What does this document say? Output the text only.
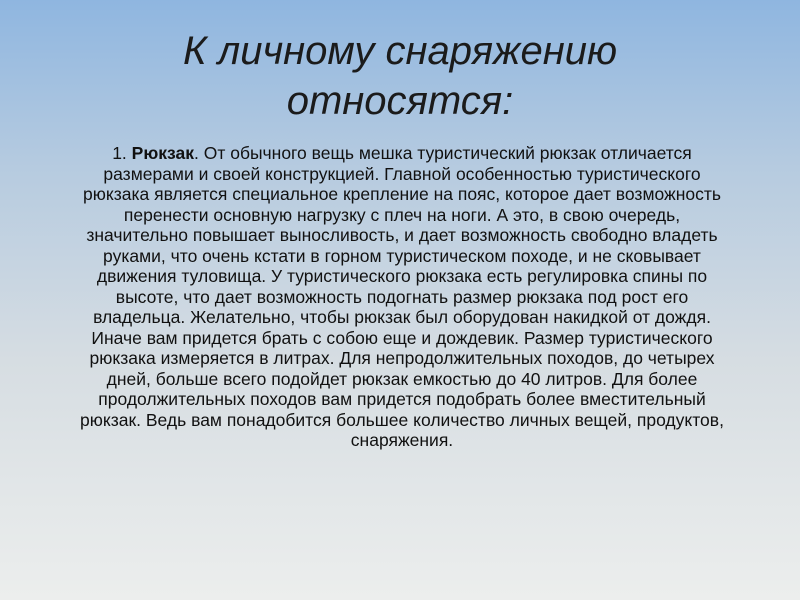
К личному снаряжению
относятся:

1. Рюкзак. От обычного вещь мешка туристический рюкзак отличается размерами и своей конструкцией. Главной особенностью туристического рюкзака является специальное крепление на пояс, которое дает возможность перенести основную нагрузку с плеч на ноги. А это, в свою очередь, значительно повышает выносливость, и дает возможность свободно владеть руками, что очень кстати в горном туристическом походе, и не сковывает движения туловища. У туристического рюкзака есть регулировка спины по высоте, что дает возможность подогнать размер рюкзака под рост его владельца. Желательно, чтобы рюкзак был оборудован накидкой от дождя. Иначе вам придется брать с собою еще и дождевик. Размер туристического рюкзака измеряется в литрах. Для непродолжительных походов, до четырех дней, больше всего подойдет рюкзак емкостью до 40 литров. Для более продолжительных походов вам придется подобрать более вместительный рюкзак. Ведь вам понадобится большее количество личных вещей, продуктов, снаряжения.
